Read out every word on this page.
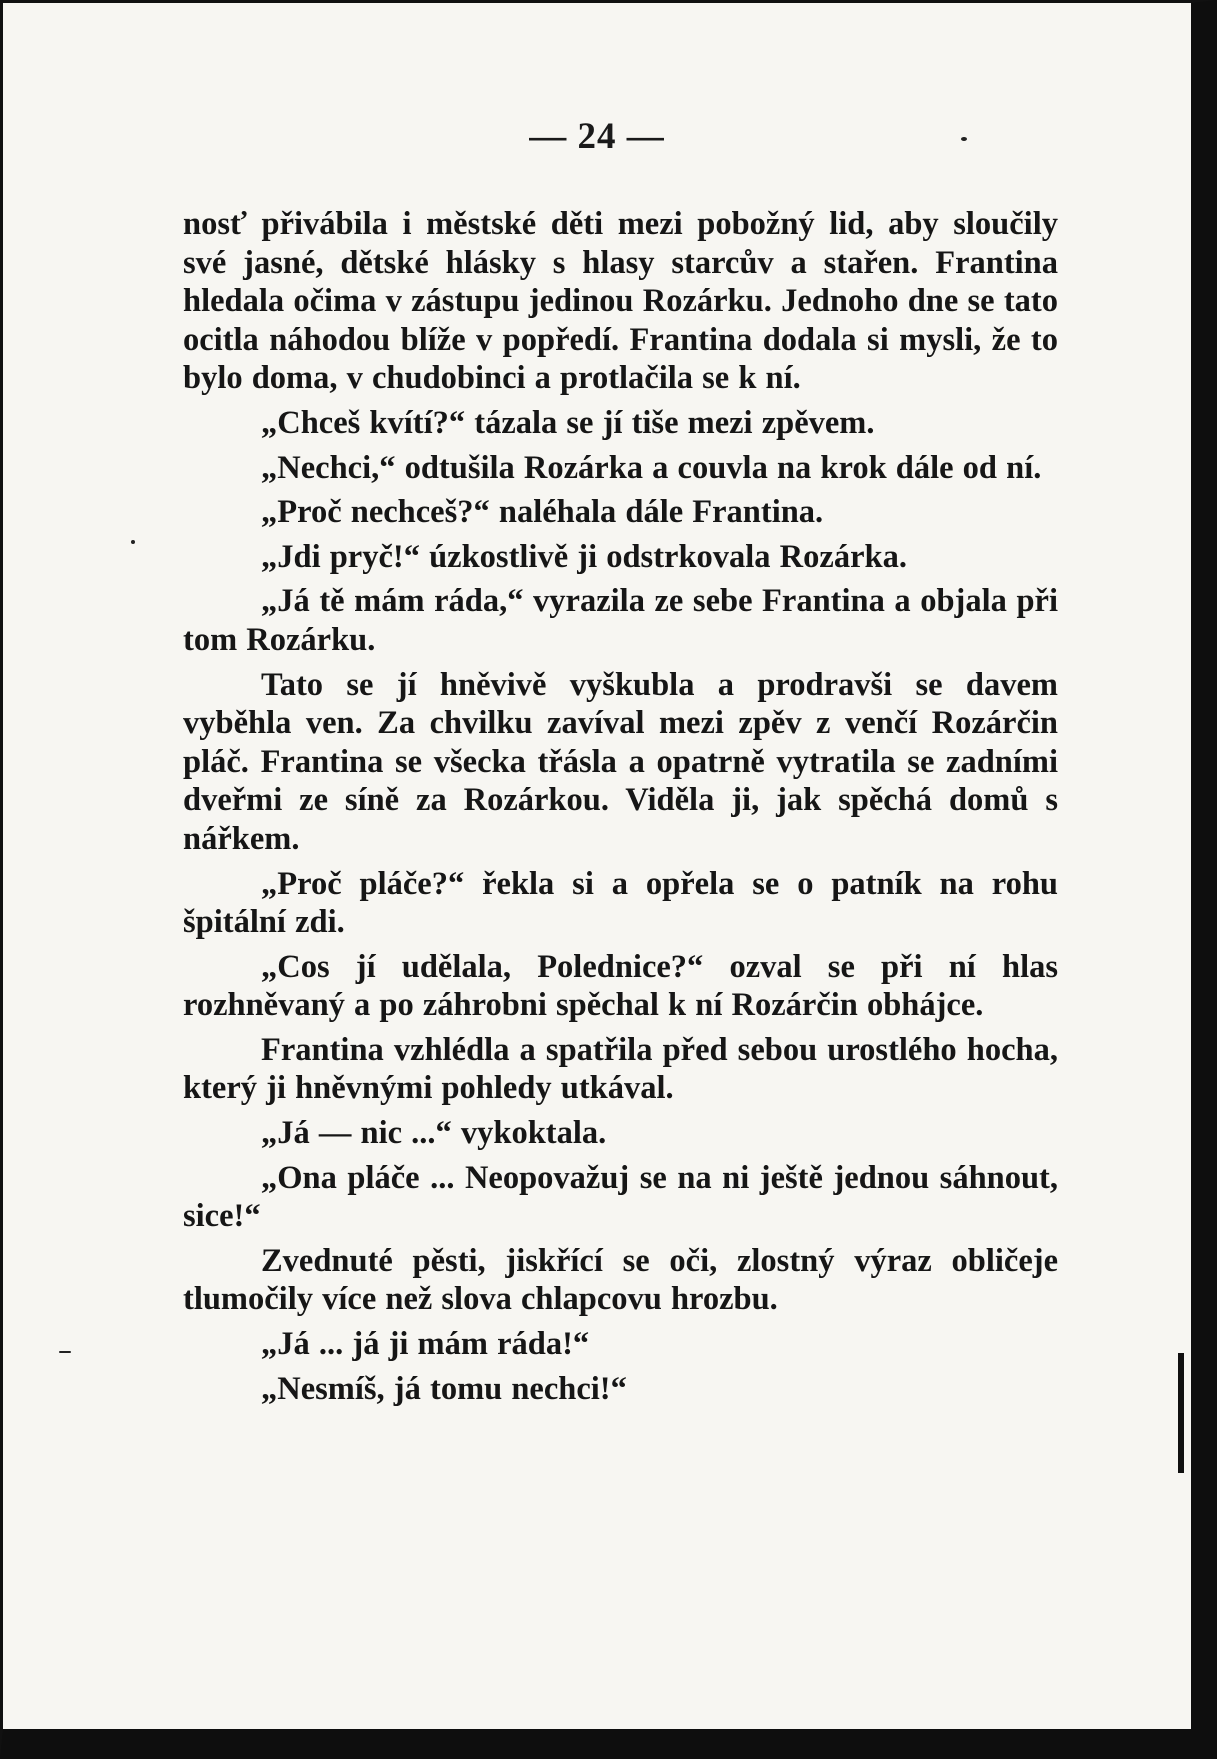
— 24 —

nosť přivábila i městské děti mezi pobožný lid, aby sloučily své jasné, dětské hlásky s hlasy starcův a stařen. Frantina hledala očima v zástupu jedinou Rozárku. Jednoho dne se tato ocitla náhodou blíže v popředí. Frantina dodala si mysli, že to bylo doma, v chudobinci a protlačila se k ní.

„Chceš kvítí?“ tázala se jí tiše mezi zpěvem.

„Nechci,“ odtušila Rozárka a couvla na krok dále od ní.

„Proč nechceš?“ naléhala dále Frantina.

„Jdi pryč!“ úzkostlivě ji odstrkovala Rozárka.

„Já tě mám ráda,“ vyrazila ze sebe Frantina a objala při tom Rozárku.

Tato se jí hněvivě vyškubla a prodravši se davem vyběhla ven. Za chvilku zavíval mezi zpěv z venčí Rozárčin pláč. Frantina se všecka třásla a opatrně vytratila se zadními dveřmi ze síně za Rozárkou. Viděla ji, jak spěchá domů s nářkem.

„Proč pláče?“ řekla si a opřela se o patník na rohu špitální zdi.

„Cos jí udělala, Polednice?“ ozval se při ní hlas rozhněvaný a po záhrobni spěchal k ní Rozárčin obhájce.

Frantina vzhlédla a spatřila před sebou urostlého hocha, který ji hněvnými pohledy utkával.

„Já — nic ...“ vykoktala.

„Ona pláče ... Neopovažuj se na ni ještě jednou sáhnout, sice!“

Zvednuté pěsti, jiskřící se oči, zlostný výraz obličeje tlumočily více než slova chlapcovu hrozbu.

„Já ... já ji mám ráda!“

„Nesmíš, já tomu nechci!“
